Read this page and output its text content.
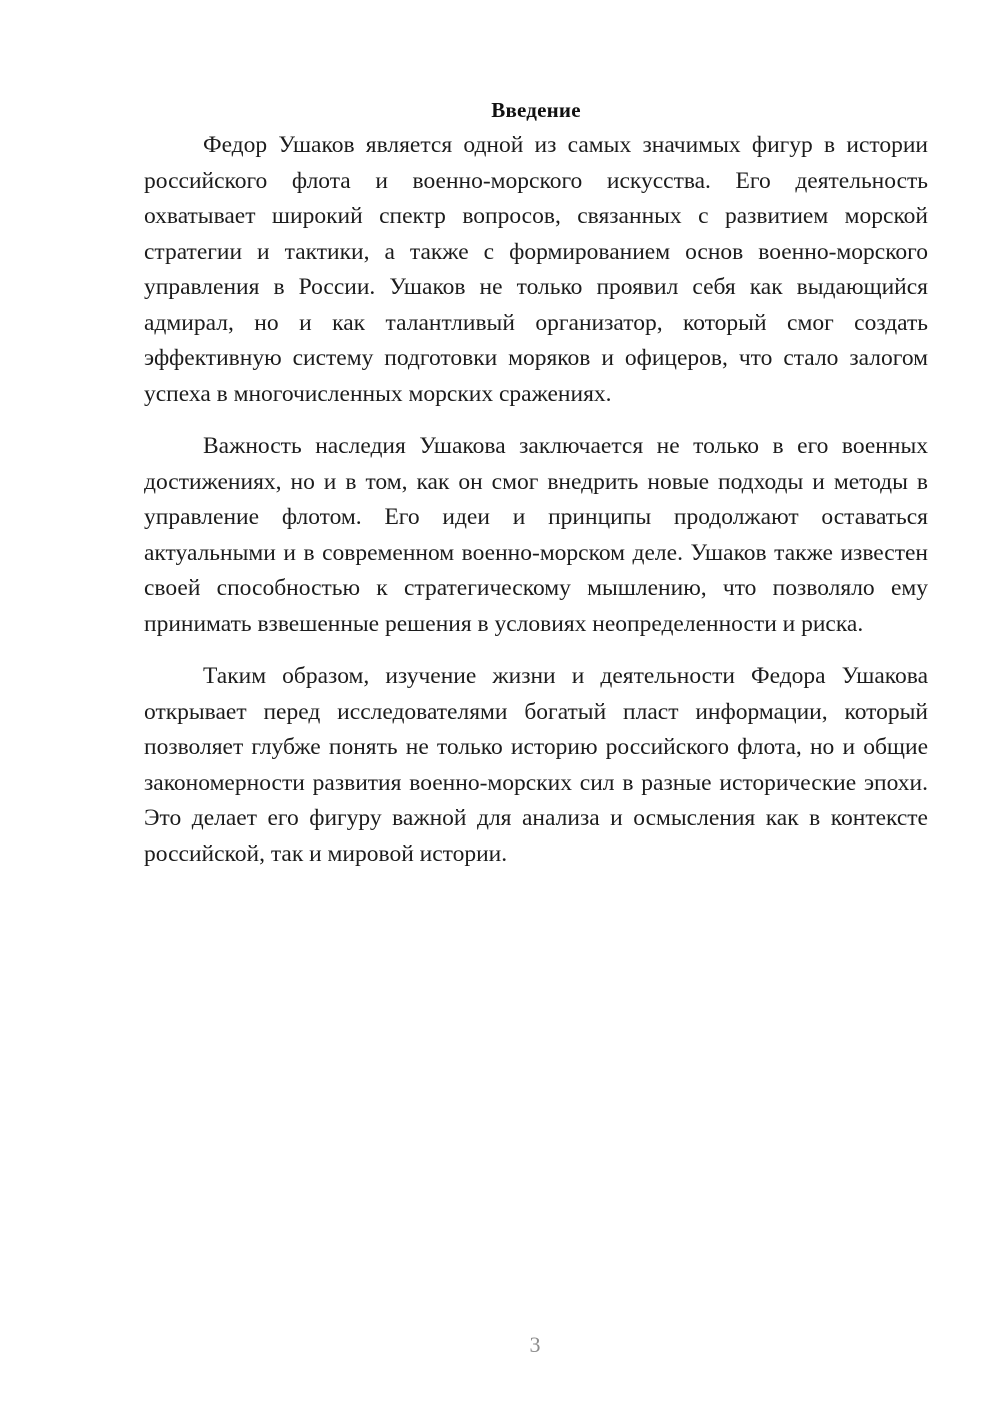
Введение

Федор Ушаков является одной из самых значимых фигур в истории российского флота и военно-морского искусства. Его деятельность охватывает широкий спектр вопросов, связанных с развитием морской стратегии и тактики, а также с формированием основ военно-морского управления в России. Ушаков не только проявил себя как выдающийся адмирал, но и как талантливый организатор, который смог создать эффективную систему подготовки моряков и офицеров, что стало залогом успеха в многочисленных морских сражениях.

Важность наследия Ушакова заключается не только в его военных достижениях, но и в том, как он смог внедрить новые подходы и методы в управление флотом. Его идеи и принципы продолжают оставаться актуальными и в современном военно-морском деле. Ушаков также известен своей способностью к стратегическому мышлению, что позволяло ему принимать взвешенные решения в условиях неопределенности и риска.

Таким образом, изучение жизни и деятельности Федора Ушакова открывает перед исследователями богатый пласт информации, который позволяет глубже понять не только историю российского флота, но и общие закономерности развития военно-морских сил в разные исторические эпохи. Это делает его фигуру важной для анализа и осмысления как в контексте российской, так и мировой истории.

3
